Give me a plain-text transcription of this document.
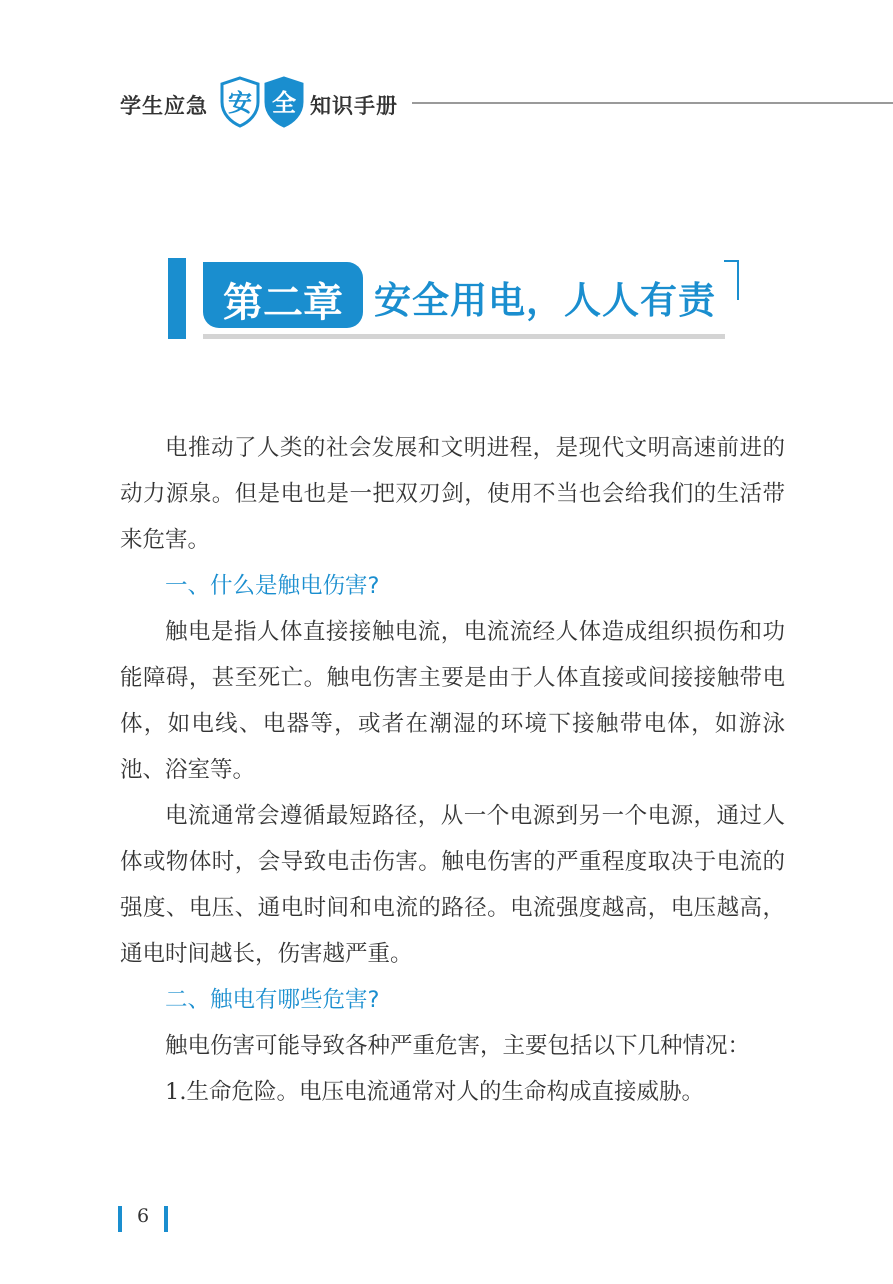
学生应急 安 全 知识手册
第二章 安全用电，人人有责

电推动了人类的社会发展和文明进程，是现代文明高速前进的动力源泉。但是电也是一把双刃剑，使用不当也会给我们的生活带来危害。

一、什么是触电伤害?

触电是指人体直接接触电流，电流流经人体造成组织损伤和功能障碍，甚至死亡。触电伤害主要是由于人体直接或间接接触带电体，如电线、电器等，或者在潮湿的环境下接触带电体，如游泳池、浴室等。

电流通常会遵循最短路径，从一个电源到另一个电源，通过人体或物体时，会导致电击伤害。触电伤害的严重程度取决于电流的强度、电压、通电时间和电流的路径。电流强度越高，电压越高，通电时间越长，伤害越严重。

二、触电有哪些危害?

触电伤害可能导致各种严重危害，主要包括以下几种情况：

1.生命危险。电压电流通常对人的生命构成直接威胁。

6
